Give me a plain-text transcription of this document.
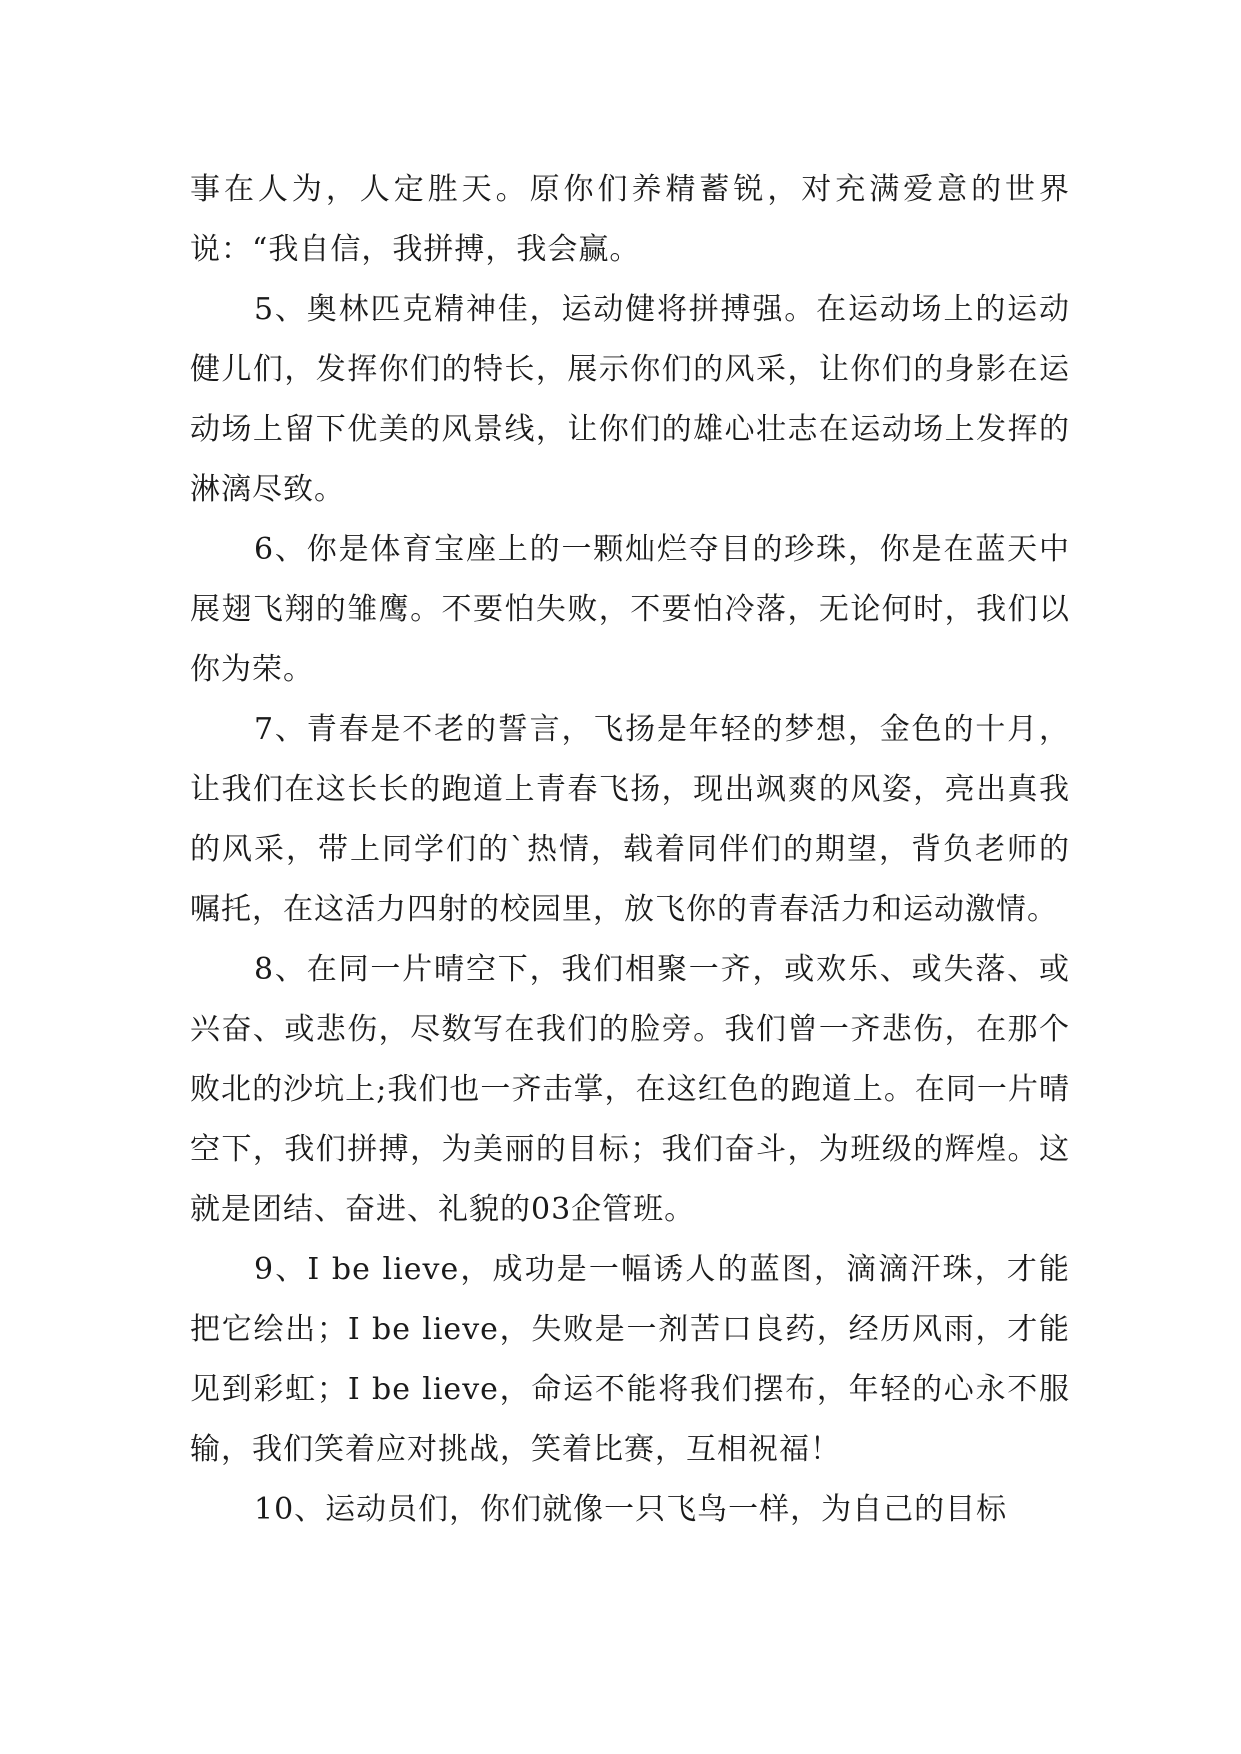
事在人为，人定胜天。原你们养精蓄锐，对充满爱意的世界说：“我自信，我拼搏，我会赢。

5、奥林匹克精神佳，运动健将拼搏强。在运动场上的运动健儿们，发挥你们的特长，展示你们的风采，让你们的身影在运动场上留下优美的风景线，让你们的雄心壮志在运动场上发挥的淋漓尽致。

6、你是体育宝座上的一颗灿烂夺目的珍珠，你是在蓝天中展翅飞翔的雏鹰。不要怕失败，不要怕冷落，无论何时，我们以你为荣。

7、青春是不老的誓言，飞扬是年轻的梦想，金色的十月，让我们在这长长的跑道上青春飞扬，现出飒爽的风姿，亮出真我的风采，带上同学们的`热情，载着同伴们的期望，背负老师的嘱托，在这活力四射的校园里，放飞你的青春活力和运动激情。

8、在同一片晴空下，我们相聚一齐，或欢乐、或失落、或兴奋、或悲伤，尽数写在我们的脸旁。我们曾一齐悲伤，在那个败北的沙坑上;我们也一齐击掌，在这红色的跑道上。在同一片晴空下，我们拼搏，为美丽的目标；我们奋斗，为班级的辉煌。这就是团结、奋进、礼貌的03企管班。

9、I be lieve，成功是一幅诱人的蓝图，滴滴汗珠，才能把它绘出；I be lieve，失败是一剂苦口良药，经历风雨，才能见到彩虹；I be lieve，命运不能将我们摆布，年轻的心永不服输，我们笑着应对挑战，笑着比赛，互相祝福！

10、运动员们，你们就像一只飞鸟一样，为自己的目标
